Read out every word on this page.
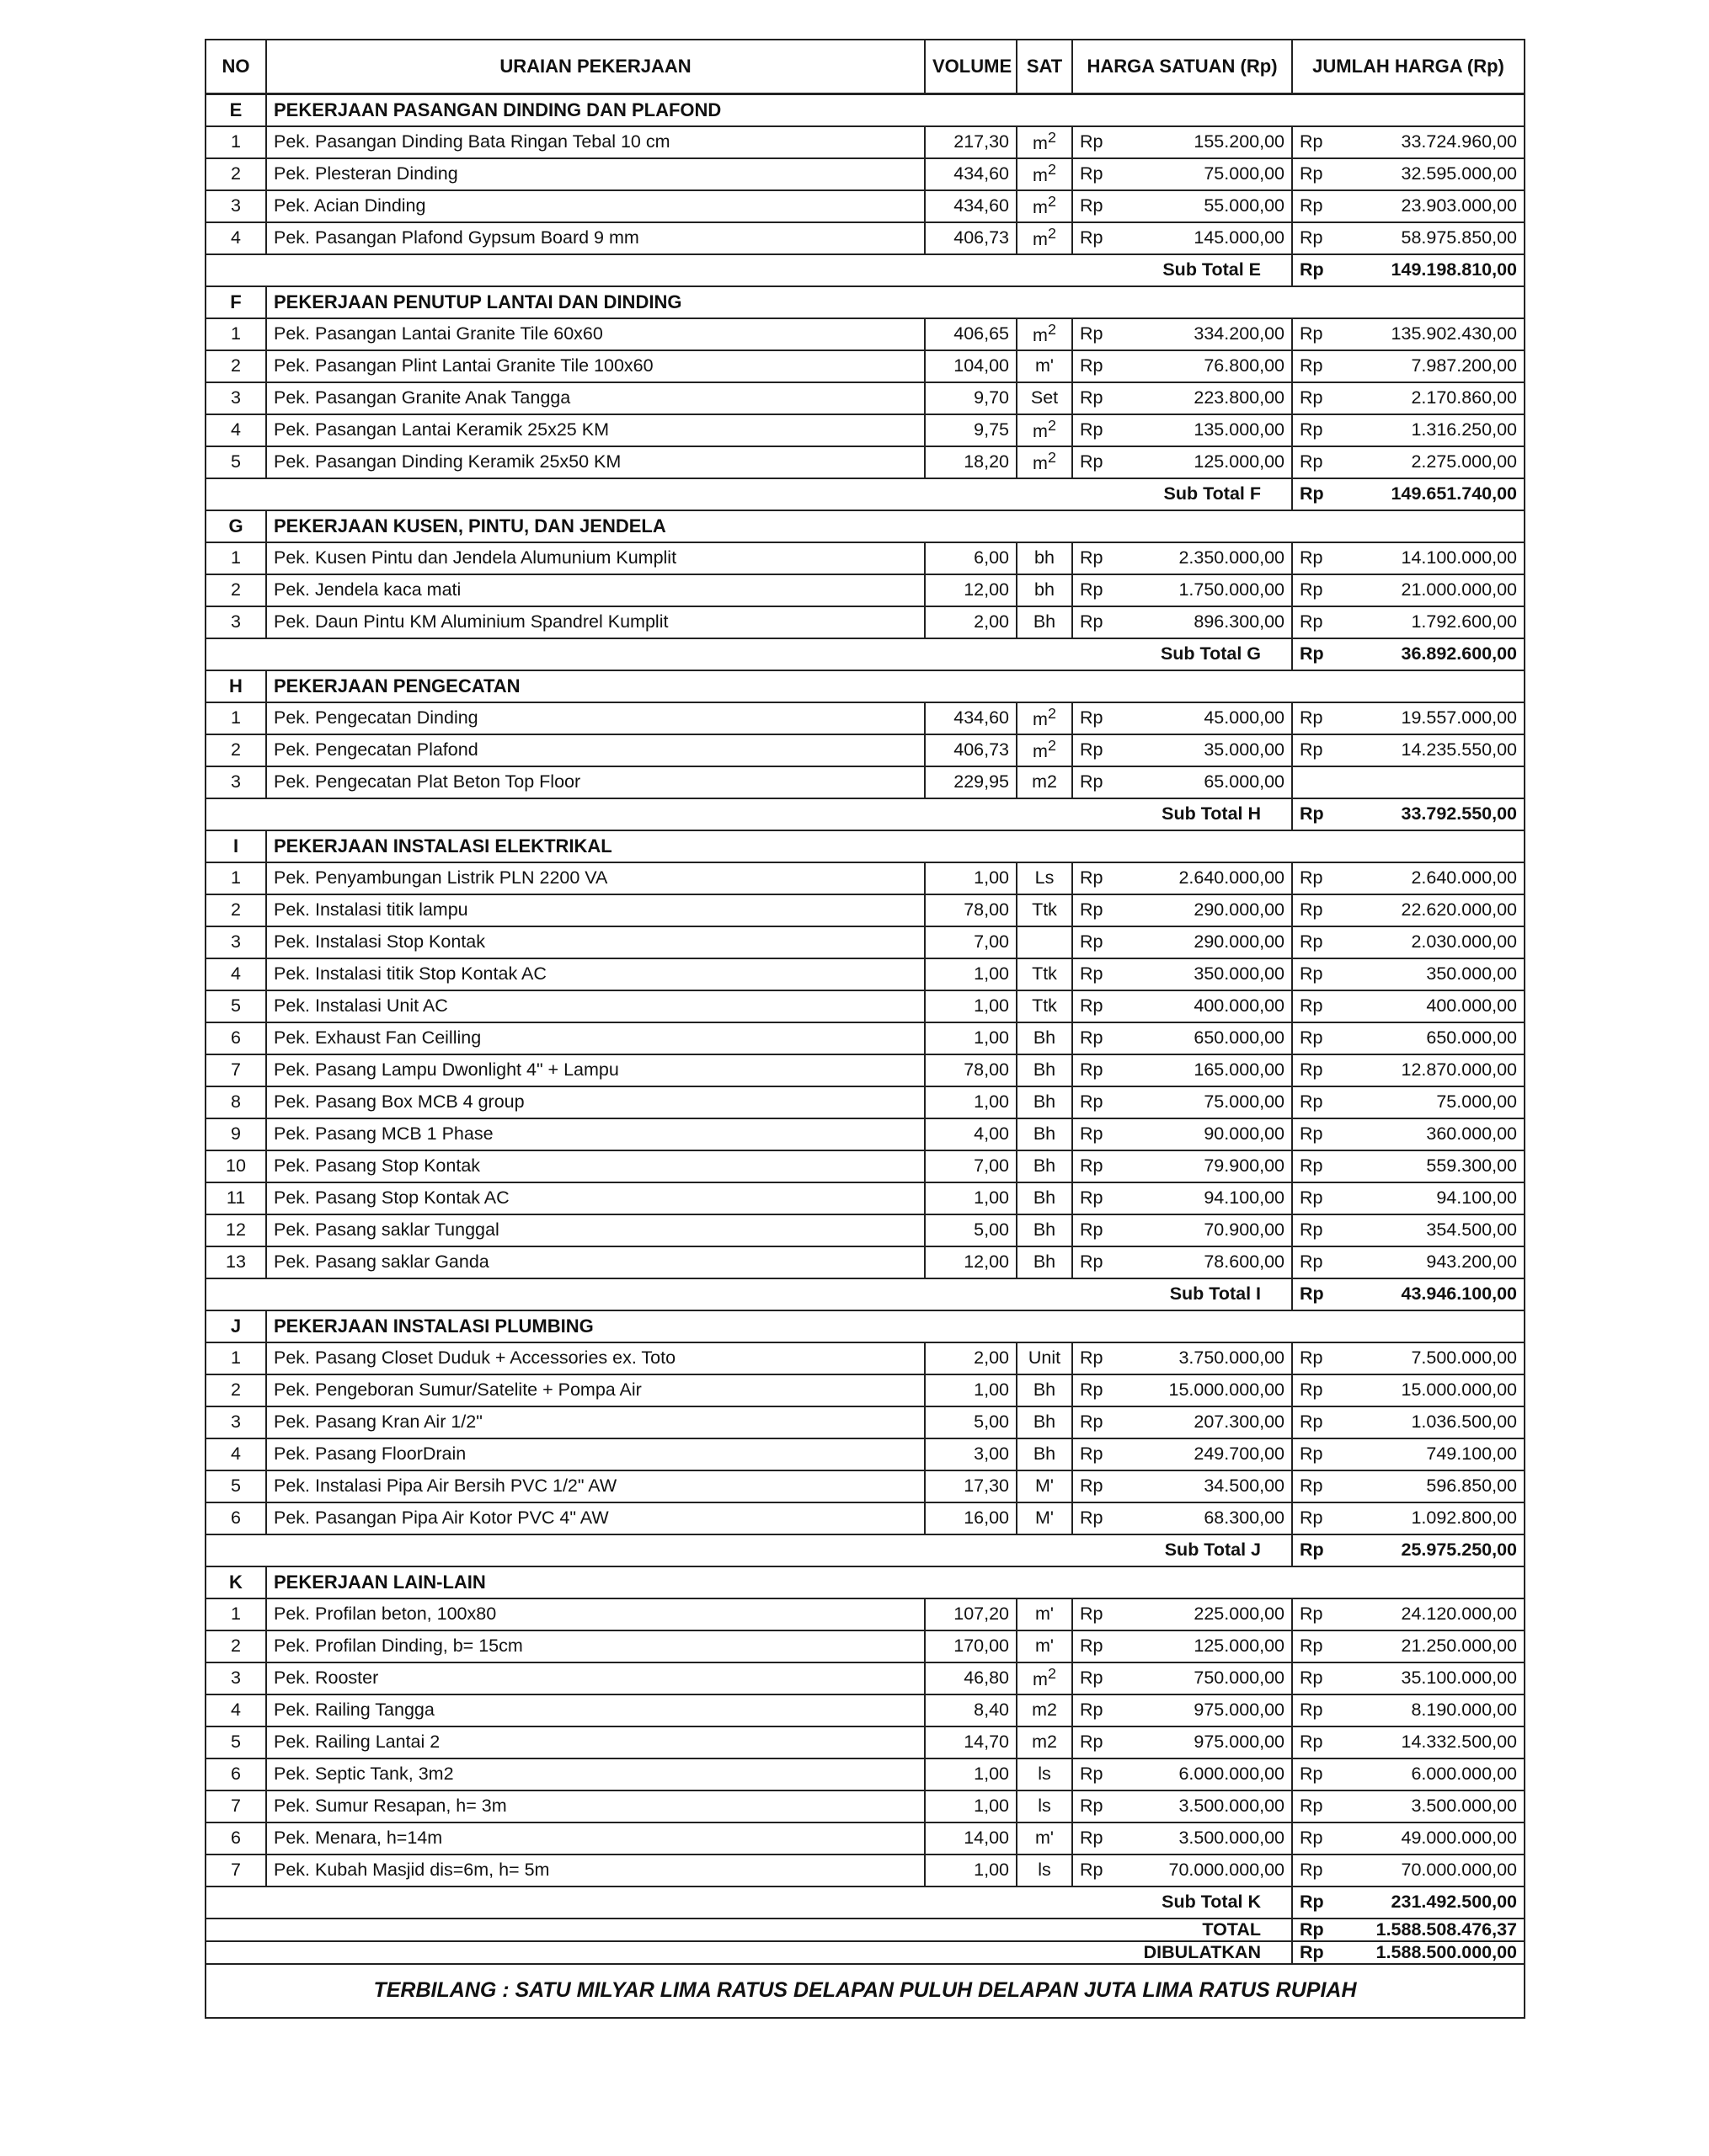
NO	URAIAN PEKERJAAN	VOLUME	SAT	HARGA SATUAN (Rp)		JUMLAH HARGA (Rp)	
E	PEKERJAAN PASANGAN DINDING DAN PLAFOND						
1	Pek. Pasangan Dinding Bata Ringan Tebal 10 cm	217,30	$m^2$	Rp	155.200,00	Rp	33.724.960,00
2	Pek. Plesteran Dinding	434,60	$m^2$	Rp	75.000,00	Rp	32.595.000,00
3	Pek. Acian Dinding	434,60	$m^2$	Rp	55.000,00	Rp	23.903.000,00
4	Pek. Pasangan Plafond Gypsum Board 9 mm	406,73	$m^2$	Rp	145.000,00	Rp	58.975.850,00
Sub Total E						Rp	149.198.810,00
F	PEKERJAAN PENUTUP LANTAI DAN DINDING						
1	Pek. Pasangan Lantai Granite Tile 60x60	406,65	$m^2$	Rp	334.200,00	Rp	135.902.430,00
2	Pek. Pasangan Plint Lantai Granite Tile 100x60	104,00	m'	Rp	76.800,00	Rp	7.987.200,00
3	Pek. Pasangan Granite Anak Tangga	9,70	Set	Rp	223.800,00	Rp	2.170.860,00
4	Pek. Pasangan Lantai Keramik 25x25 KM	9,75	$m^2$	Rp	135.000,00	Rp	1.316.250,00
5	Pek. Pasangan Dinding Keramik 25x50 KM	18,20	$m^2$	Rp	125.000,00	Rp	2.275.000,00
Sub Total F						Rp	149.651.740,00
G	PEKERJAAN KUSEN, PINTU, DAN JENDELA						
1	Pek. Kusen Pintu dan Jendela Alumunium Kumplit	6,00	bh	Rp	2.350.000,00	Rp	14.100.000,00
2	Pek. Jendela kaca mati	12,00	bh	Rp	1.750.000,00	Rp	21.000.000,00
3	Pek. Daun Pintu KM Aluminium Spandrel Kumplit	2,00	Bh	Rp	896.300,00	Rp	1.792.600,00
Sub Total G						Rp	36.892.600,00
H	PEKERJAAN PENGECATAN						
1	Pek. Pengecatan Dinding	434,60	$m^2$	Rp	45.000,00	Rp	19.557.000,00
2	Pek. Pengecatan Plafond	406,73	$m^2$	Rp	35.000,00	Rp	14.235.550,00
3	Pek. Pengecatan Plat Beton Top Floor	229,95	m2	Rp	65.000,00		
Sub Total H						Rp	33.792.550,00
I	PEKERJAAN INSTALASI ELEKTRIKAL						
1	Pek. Penyambungan Listrik PLN 2200 VA	1,00	Ls	Rp	2.640.000,00	Rp	2.640.000,00
2	Pek. Instalasi titik lampu	78,00	Ttk	Rp	290.000,00	Rp	22.620.000,00
3	Pek. Instalasi Stop Kontak	7,00		Rp	290.000,00	Rp	2.030.000,00
4	Pek. Instalasi titik Stop Kontak AC	1,00	Ttk	Rp	350.000,00	Rp	350.000,00
5	Pek. Instalasi Unit AC	1,00	Ttk	Rp	400.000,00	Rp	400.000,00
6	Pek. Exhaust Fan Ceilling	1,00	Bh	Rp	650.000,00	Rp	650.000,00
7	Pek. Pasang Lampu Dwonlight 4" + Lampu	78,00	Bh	Rp	165.000,00	Rp	12.870.000,00
8	Pek. Pasang Box MCB 4 group	1,00	Bh	Rp	75.000,00	Rp	75.000,00
9	Pek. Pasang MCB 1 Phase	4,00	Bh	Rp	90.000,00	Rp	360.000,00
10	Pek. Pasang Stop Kontak	7,00	Bh	Rp	79.900,00	Rp	559.300,00
11	Pek. Pasang Stop Kontak AC	1,00	Bh	Rp	94.100,00	Rp	94.100,00
12	Pek. Pasang saklar Tunggal	5,00	Bh	Rp	70.900,00	Rp	354.500,00
13	Pek. Pasang saklar Ganda	12,00	Bh	Rp	78.600,00	Rp	943.200,00
Sub Total I						Rp	43.946.100,00
J	PEKERJAAN INSTALASI PLUMBING						
1	Pek. Pasang Closet Duduk + Accessories ex. Toto	2,00	Unit	Rp	3.750.000,00	Rp	7.500.000,00
2	Pek. Pengeboran Sumur/Satelite + Pompa Air	1,00	Bh	Rp	15.000.000,00	Rp	15.000.000,00
3	Pek. Pasang Kran Air 1/2"	5,00	Bh	Rp	207.300,00	Rp	1.036.500,00
4	Pek. Pasang FloorDrain	3,00	Bh	Rp	249.700,00	Rp	749.100,00
5	Pek. Instalasi Pipa Air Bersih PVC 1/2" AW	17,30	M'	Rp	34.500,00	Rp	596.850,00
6	Pek. Pasangan Pipa Air Kotor PVC 4" AW	16,00	M'	Rp	68.300,00	Rp	1.092.800,00
Sub Total J						Rp	25.975.250,00
K	PEKERJAAN LAIN-LAIN						
1	Pek. Profilan beton, 100x80	107,20	m'	Rp	225.000,00	Rp	24.120.000,00
2	Pek. Profilan Dinding, b= 15cm	170,00	m'	Rp	125.000,00	Rp	21.250.000,00
3	Pek. Rooster	46,80	$m^2$	Rp	750.000,00	Rp	35.100.000,00
4	Pek. Railing Tangga	8,40	m2	Rp	975.000,00	Rp	8.190.000,00
5	Pek. Railing Lantai 2	14,70	m2	Rp	975.000,00	Rp	14.332.500,00
6	Pek. Septic Tank, 3m2	1,00	ls	Rp	6.000.000,00	Rp	6.000.000,00
7	Pek. Sumur Resapan, h= 3m	1,00	ls	Rp	3.500.000,00	Rp	3.500.000,00
6	Pek. Menara, h=14m	14,00	m'	Rp	3.500.000,00	Rp	49.000.000,00
7	Pek. Kubah Masjid dis=6m, h= 5m	1,00	ls	Rp	70.000.000,00	Rp	70.000.000,00
Sub Total K						Rp	231.492.500,00
TOTAL						Rp	1.588.508.476,37
DIBULATKAN						Rp	1.588.500.000,00
TERBILANG : SATU MILYAR LIMA RATUS DELAPAN PULUH DELAPAN JUTA LIMA RATUS RUPIAH							
